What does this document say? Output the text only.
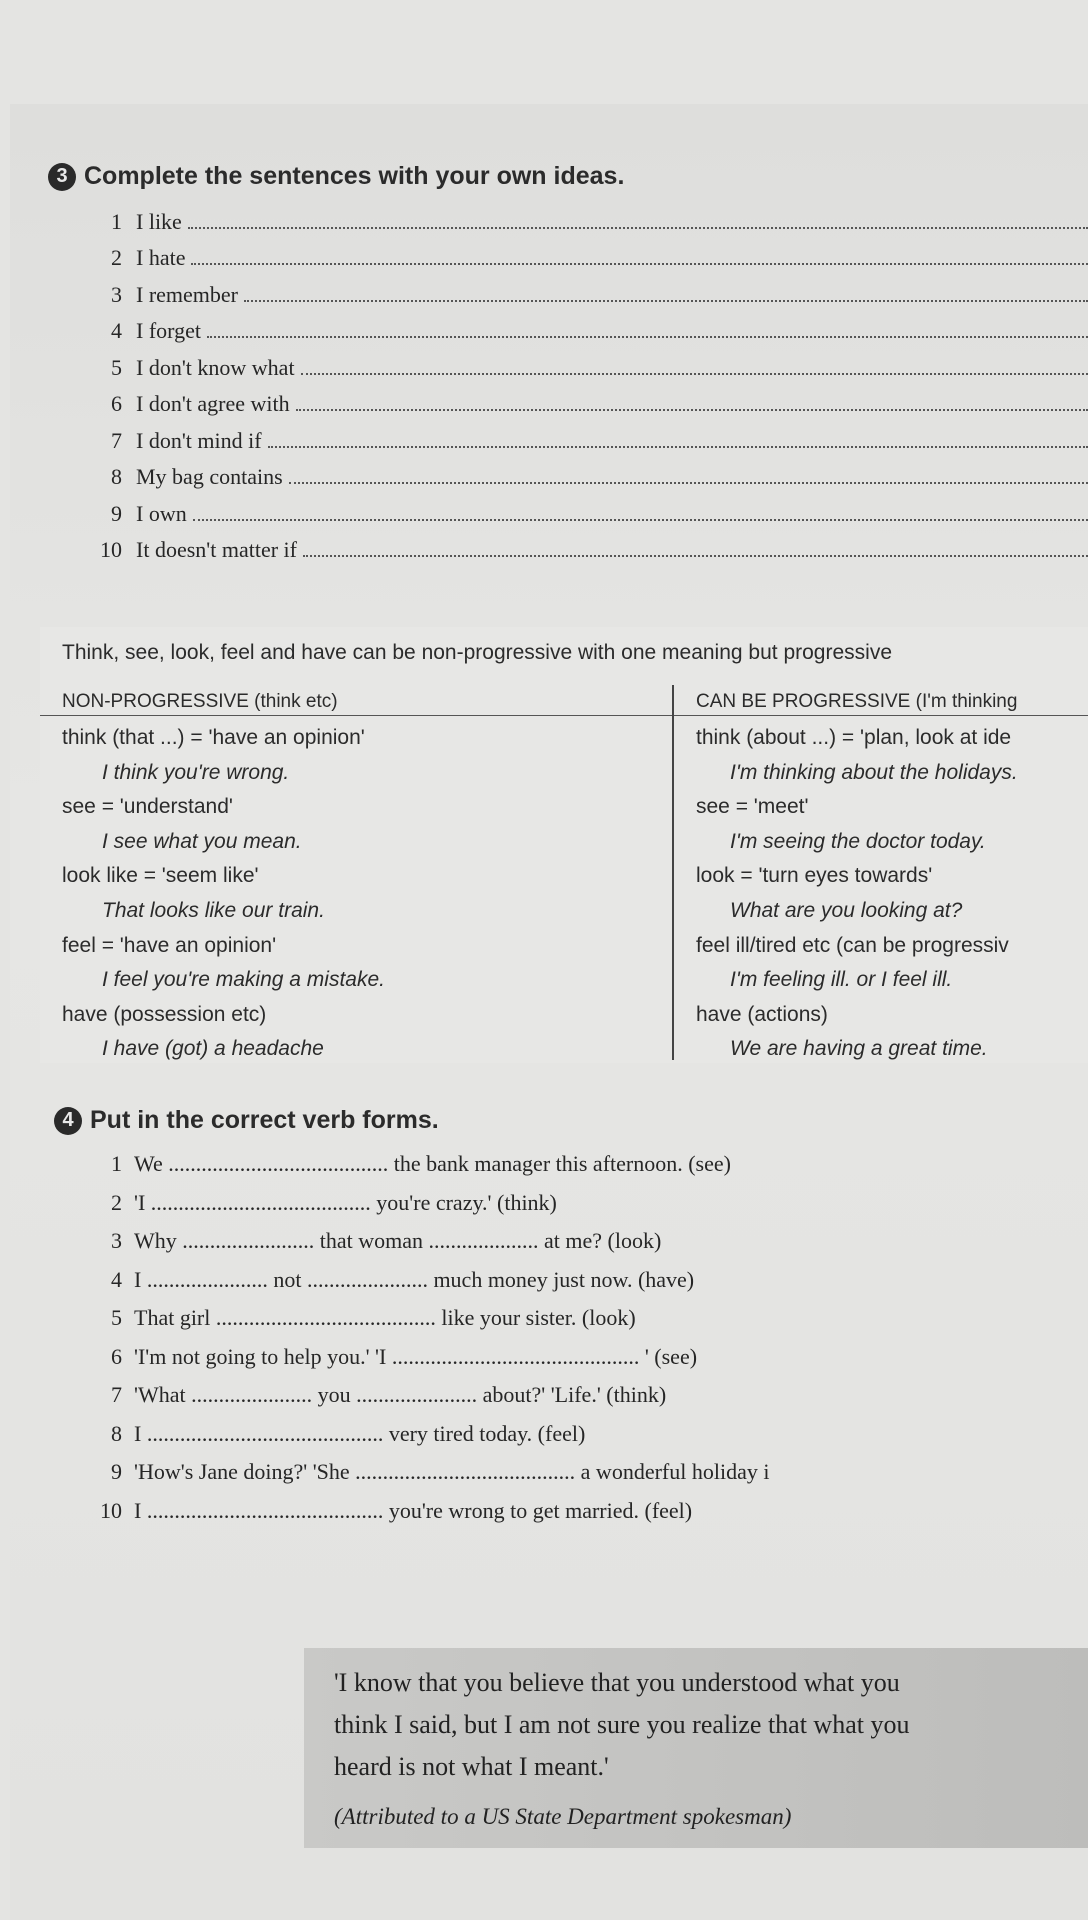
3 Complete the sentences with your own ideas.
1 I like
2 I hate
3 I remember
4 I forget
5 I don't know what
6 I don't agree with
7 I don't mind if
8 My bag contains
9 I own
10 It doesn't matter if
Think, see, look, feel and have can be non-progressive with one meaning but progressive
NON-PROGRESSIVE (think etc)	CAN BE PROGRESSIVE (I'm thinking
think (that ...) = 'have an opinion'	think (about ...) = 'plan, look at ide
I think you're wrong.	I'm thinking about the holidays.
see = 'understand'	see = 'meet'
I see what you mean.	I'm seeing the doctor today.
look like = 'seem like'	look = 'turn eyes towards'
That looks like our train.	What are you looking at?
feel = 'have an opinion'	feel ill/tired etc (can be progressiv
I feel you're making a mistake.	I'm feeling ill. or I feel ill.
have (possession etc)	have (actions)
I have (got) a headache	We are having a great time.
4 Put in the correct verb forms.
1 We ........................................ the bank manager this afternoon. (see)
2 'I ........................................ you're crazy.' (think)
3 Why ........................ that woman .................... at me? (look)
4 I ...................... not ...................... much money just now. (have)
5 That girl ........................................ like your sister. (look)
6 'I'm not going to help you.' 'I ............................................. ' (see)
7 'What ...................... you ...................... about?' 'Life.' (think)
8 I ........................................... very tired today. (feel)
9 'How's Jane doing?' 'She ........................................ a wonderful holiday i
10 I ........................................... you're wrong to get married. (feel)
'I know that you believe that you understood what you
think I said, but I am not sure you realize that what you
heard is not what I meant.'
(Attributed to a US State Department spokesman)
